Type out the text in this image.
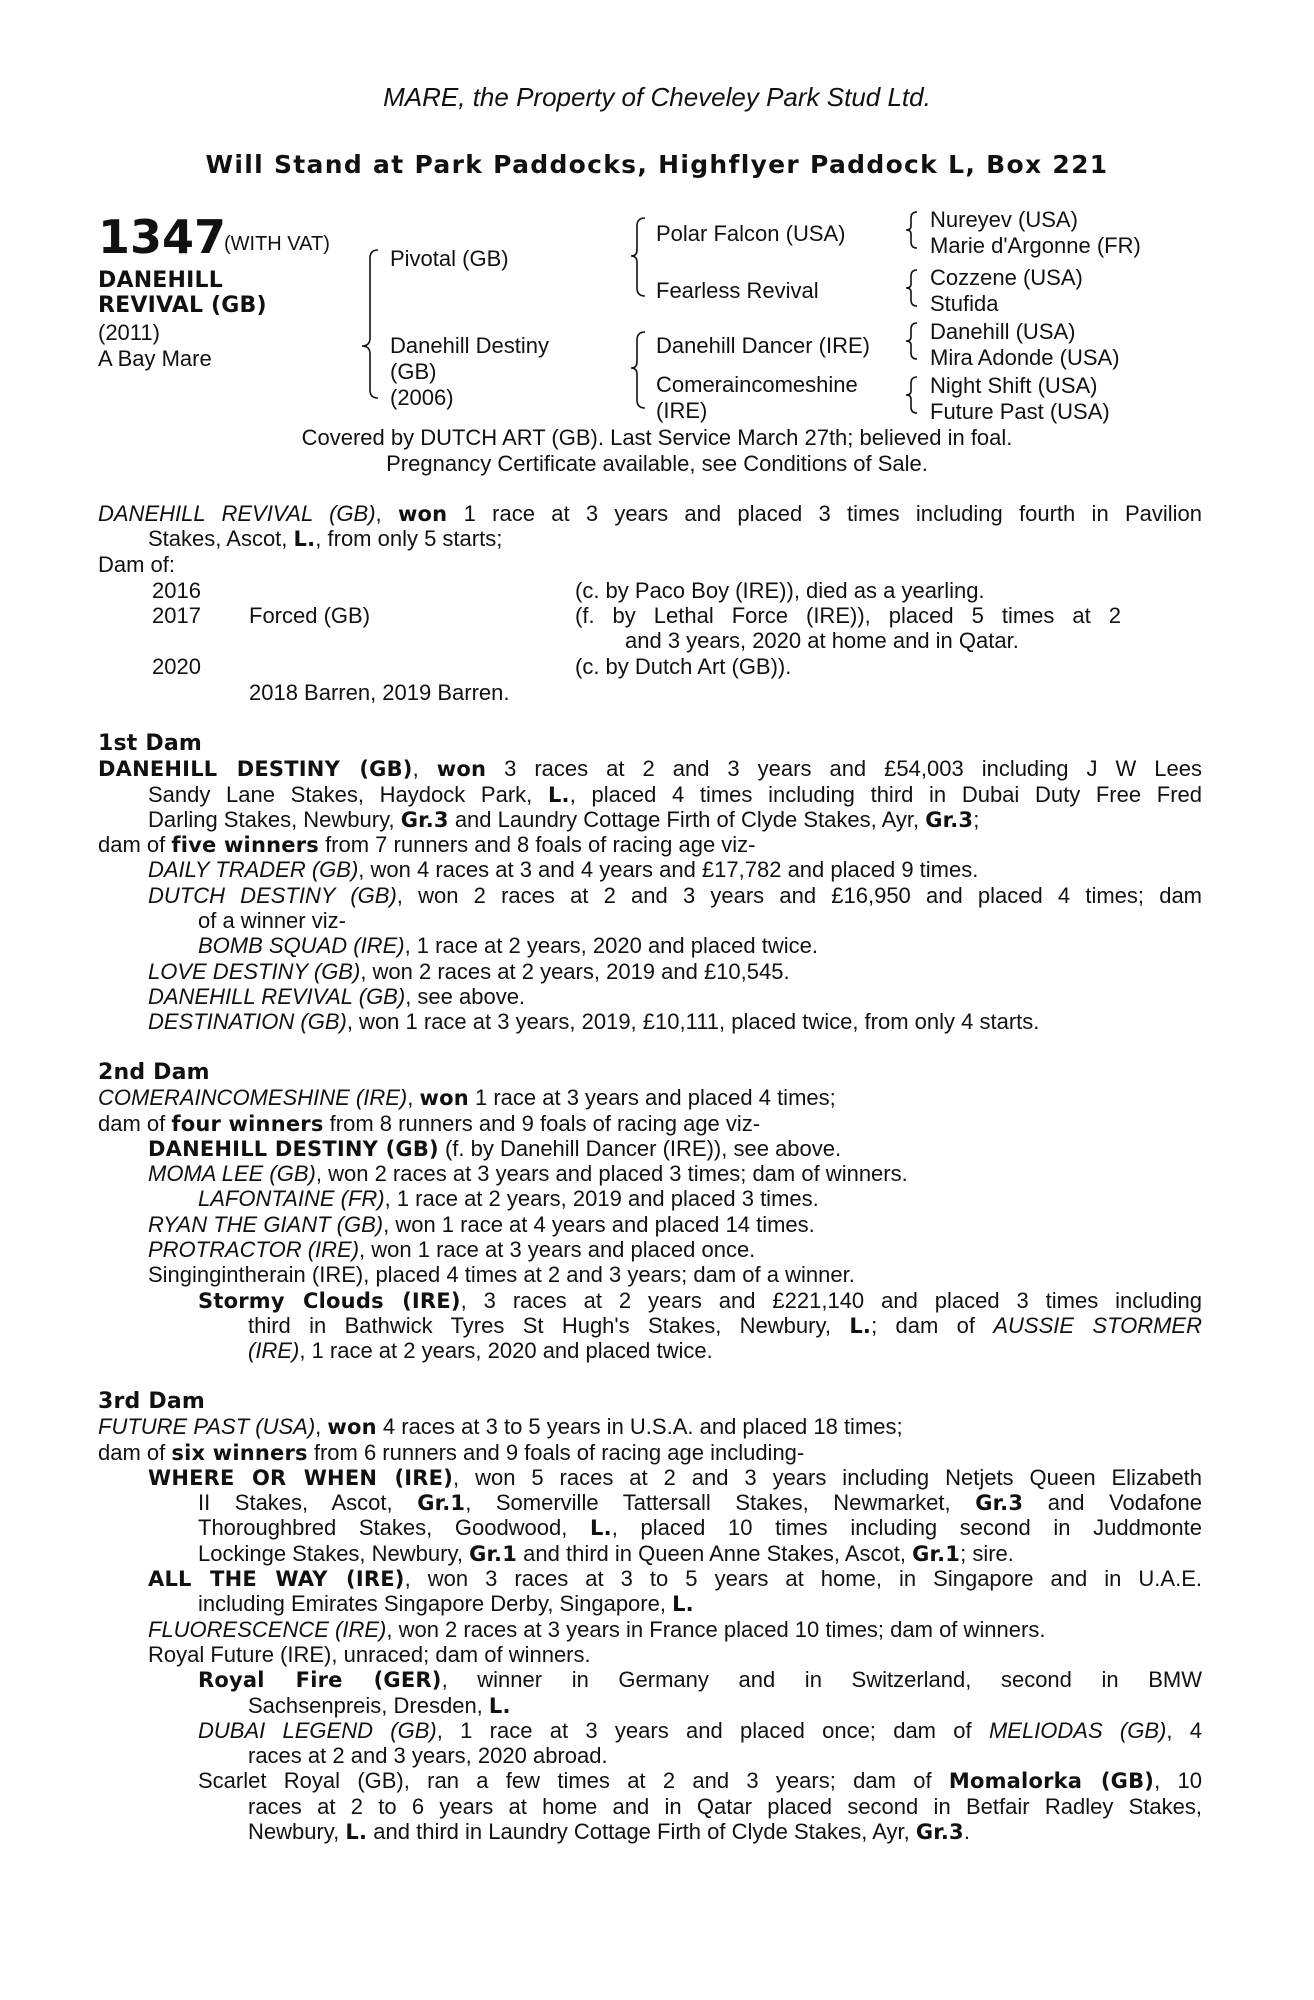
MARE, the Property of Cheveley Park Stud Ltd.
Will Stand at Park Paddocks, Highflyer Paddock L, Box 221
1347
(WITH VAT)
DANEHILL
REVIVAL (GB)
(2011)
A Bay Mare
Pivotal (GB)
Polar Falcon (USA)
Nureyev (USA)
Marie d'Argonne (FR)
Fearless Revival
Cozzene (USA)
Stufida
Danehill Destiny
(GB)
(2006)
Danehill Dancer (IRE)
Danehill (USA)
Mira Adonde (USA)
Comeraincomeshine
(IRE)
Night Shift (USA)
Future Past (USA)
Covered by DUTCH ART (GB). Last Service March 27th; believed in foal.
Pregnancy Certificate available, see Conditions of Sale.
DANEHILL REVIVAL (GB), won 1 race at 3 years and placed 3 times including fourth in Pavilion
Stakes, Ascot, L., from only 5 starts;
Dam of:
2016	(c. by Paco Boy (IRE)), died as a yearling.
2017 Forced (GB)	(f. by Lethal Force (IRE)), placed 5 times at 2
and 3 years, 2020 at home and in Qatar.
2020	(c. by Dutch Art (GB)).
2018 Barren, 2019 Barren.
1st Dam
DANEHILL DESTINY (GB), won 3 races at 2 and 3 years and £54,003 including J W Lees
Sandy Lane Stakes, Haydock Park, L., placed 4 times including third in Dubai Duty Free Fred
Darling Stakes, Newbury, Gr.3 and Laundry Cottage Firth of Clyde Stakes, Ayr, Gr.3;
dam of five winners from 7 runners and 8 foals of racing age viz-
DAILY TRADER (GB), won 4 races at 3 and 4 years and £17,782 and placed 9 times.
DUTCH DESTINY (GB), won 2 races at 2 and 3 years and £16,950 and placed 4 times; dam
of a winner viz-
BOMB SQUAD (IRE), 1 race at 2 years, 2020 and placed twice.
LOVE DESTINY (GB), won 2 races at 2 years, 2019 and £10,545.
DANEHILL REVIVAL (GB), see above.
DESTINATION (GB), won 1 race at 3 years, 2019, £10,111, placed twice, from only 4 starts.
2nd Dam
COMERAINCOMESHINE (IRE), won 1 race at 3 years and placed 4 times;
dam of four winners from 8 runners and 9 foals of racing age viz-
DANEHILL DESTINY (GB) (f. by Danehill Dancer (IRE)), see above.
MOMA LEE (GB), won 2 races at 3 years and placed 3 times; dam of winners.
LAFONTAINE (FR), 1 race at 2 years, 2019 and placed 3 times.
RYAN THE GIANT (GB), won 1 race at 4 years and placed 14 times.
PROTRACTOR (IRE), won 1 race at 3 years and placed once.
Singingintherain (IRE), placed 4 times at 2 and 3 years; dam of a winner.
Stormy Clouds (IRE), 3 races at 2 years and £221,140 and placed 3 times including
third in Bathwick Tyres St Hugh's Stakes, Newbury, L.; dam of AUSSIE STORMER
(IRE), 1 race at 2 years, 2020 and placed twice.
3rd Dam
FUTURE PAST (USA), won 4 races at 3 to 5 years in U.S.A. and placed 18 times;
dam of six winners from 6 runners and 9 foals of racing age including-
WHERE OR WHEN (IRE), won 5 races at 2 and 3 years including Netjets Queen Elizabeth
II Stakes, Ascot, Gr.1, Somerville Tattersall Stakes, Newmarket, Gr.3 and Vodafone
Thoroughbred Stakes, Goodwood, L., placed 10 times including second in Juddmonte
Lockinge Stakes, Newbury, Gr.1 and third in Queen Anne Stakes, Ascot, Gr.1; sire.
ALL THE WAY (IRE), won 3 races at 3 to 5 years at home, in Singapore and in U.A.E.
including Emirates Singapore Derby, Singapore, L.
FLUORESCENCE (IRE), won 2 races at 3 years in France placed 10 times; dam of winners.
Royal Future (IRE), unraced; dam of winners.
Royal Fire (GER), winner in Germany and in Switzerland, second in BMW
Sachsenpreis, Dresden, L.
DUBAI LEGEND (GB), 1 race at 3 years and placed once; dam of MELIODAS (GB), 4
races at 2 and 3 years, 2020 abroad.
Scarlet Royal (GB), ran a few times at 2 and 3 years; dam of Momalorka (GB), 10
races at 2 to 6 years at home and in Qatar placed second in Betfair Radley Stakes,
Newbury, L. and third in Laundry Cottage Firth of Clyde Stakes, Ayr, Gr.3.
